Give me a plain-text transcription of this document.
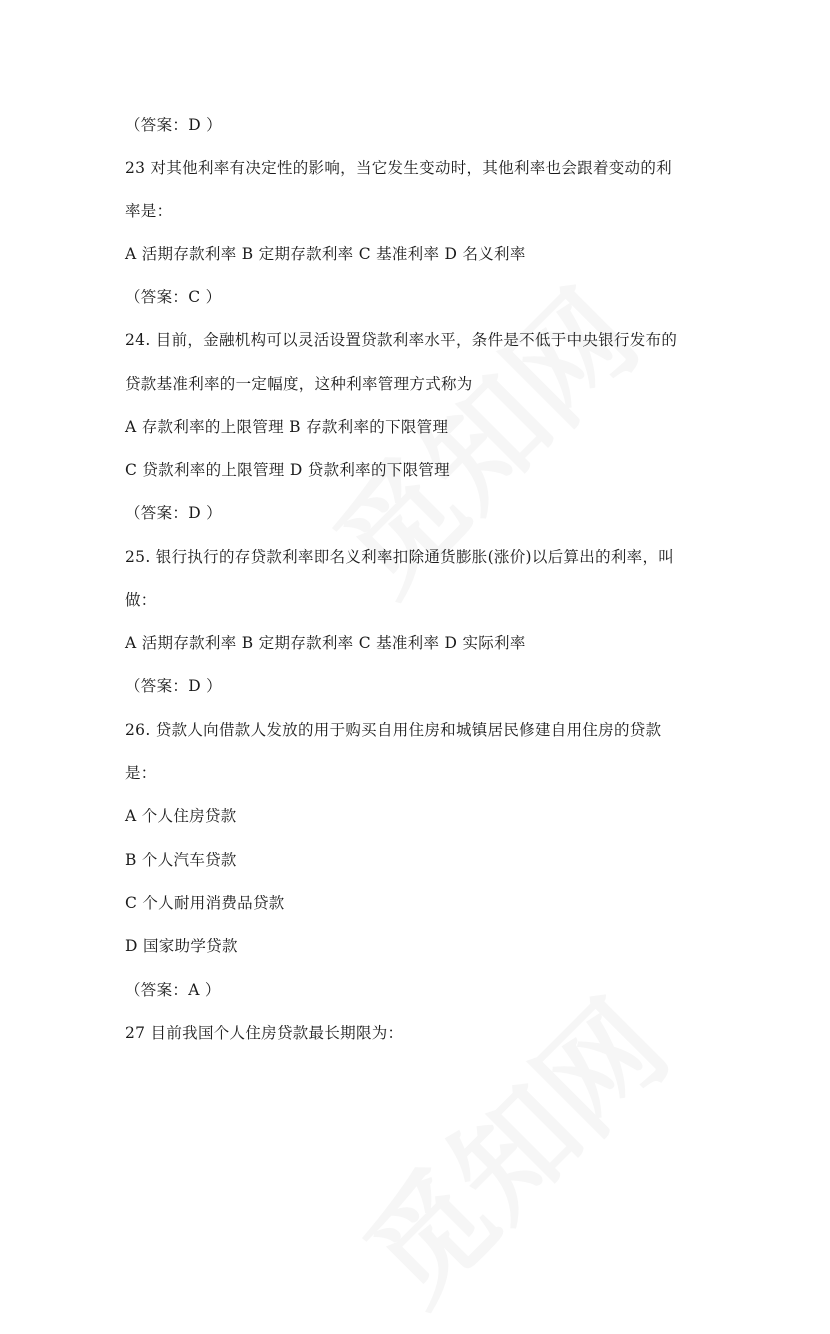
（答案：D ）
23 对其他利率有决定性的影响，当它发生变动时，其他利率也会跟着变动的利
率是：
A 活期存款利率 B 定期存款利率 C 基准利率 D 名义利率
（答案：C ）
24. 目前，金融机构可以灵活设置贷款利率水平，条件是不低于中央银行发布的
贷款基准利率的一定幅度，这种利率管理方式称为
A 存款利率的上限管理 B 存款利率的下限管理
C 贷款利率的上限管理 D 贷款利率的下限管理
（答案：D ）
25. 银行执行的存贷款利率即名义利率扣除通货膨胀(涨价)以后算出的利率，叫
做：
A 活期存款利率 B 定期存款利率 C 基准利率 D 实际利率
（答案：D ）
26. 贷款人向借款人发放的用于购买自用住房和城镇居民修建自用住房的贷款
是：
A 个人住房贷款
B 个人汽车贷款
C 个人耐用消费品贷款
D 国家助学贷款
（答案：A ）
27 目前我国个人住房贷款最长期限为：
